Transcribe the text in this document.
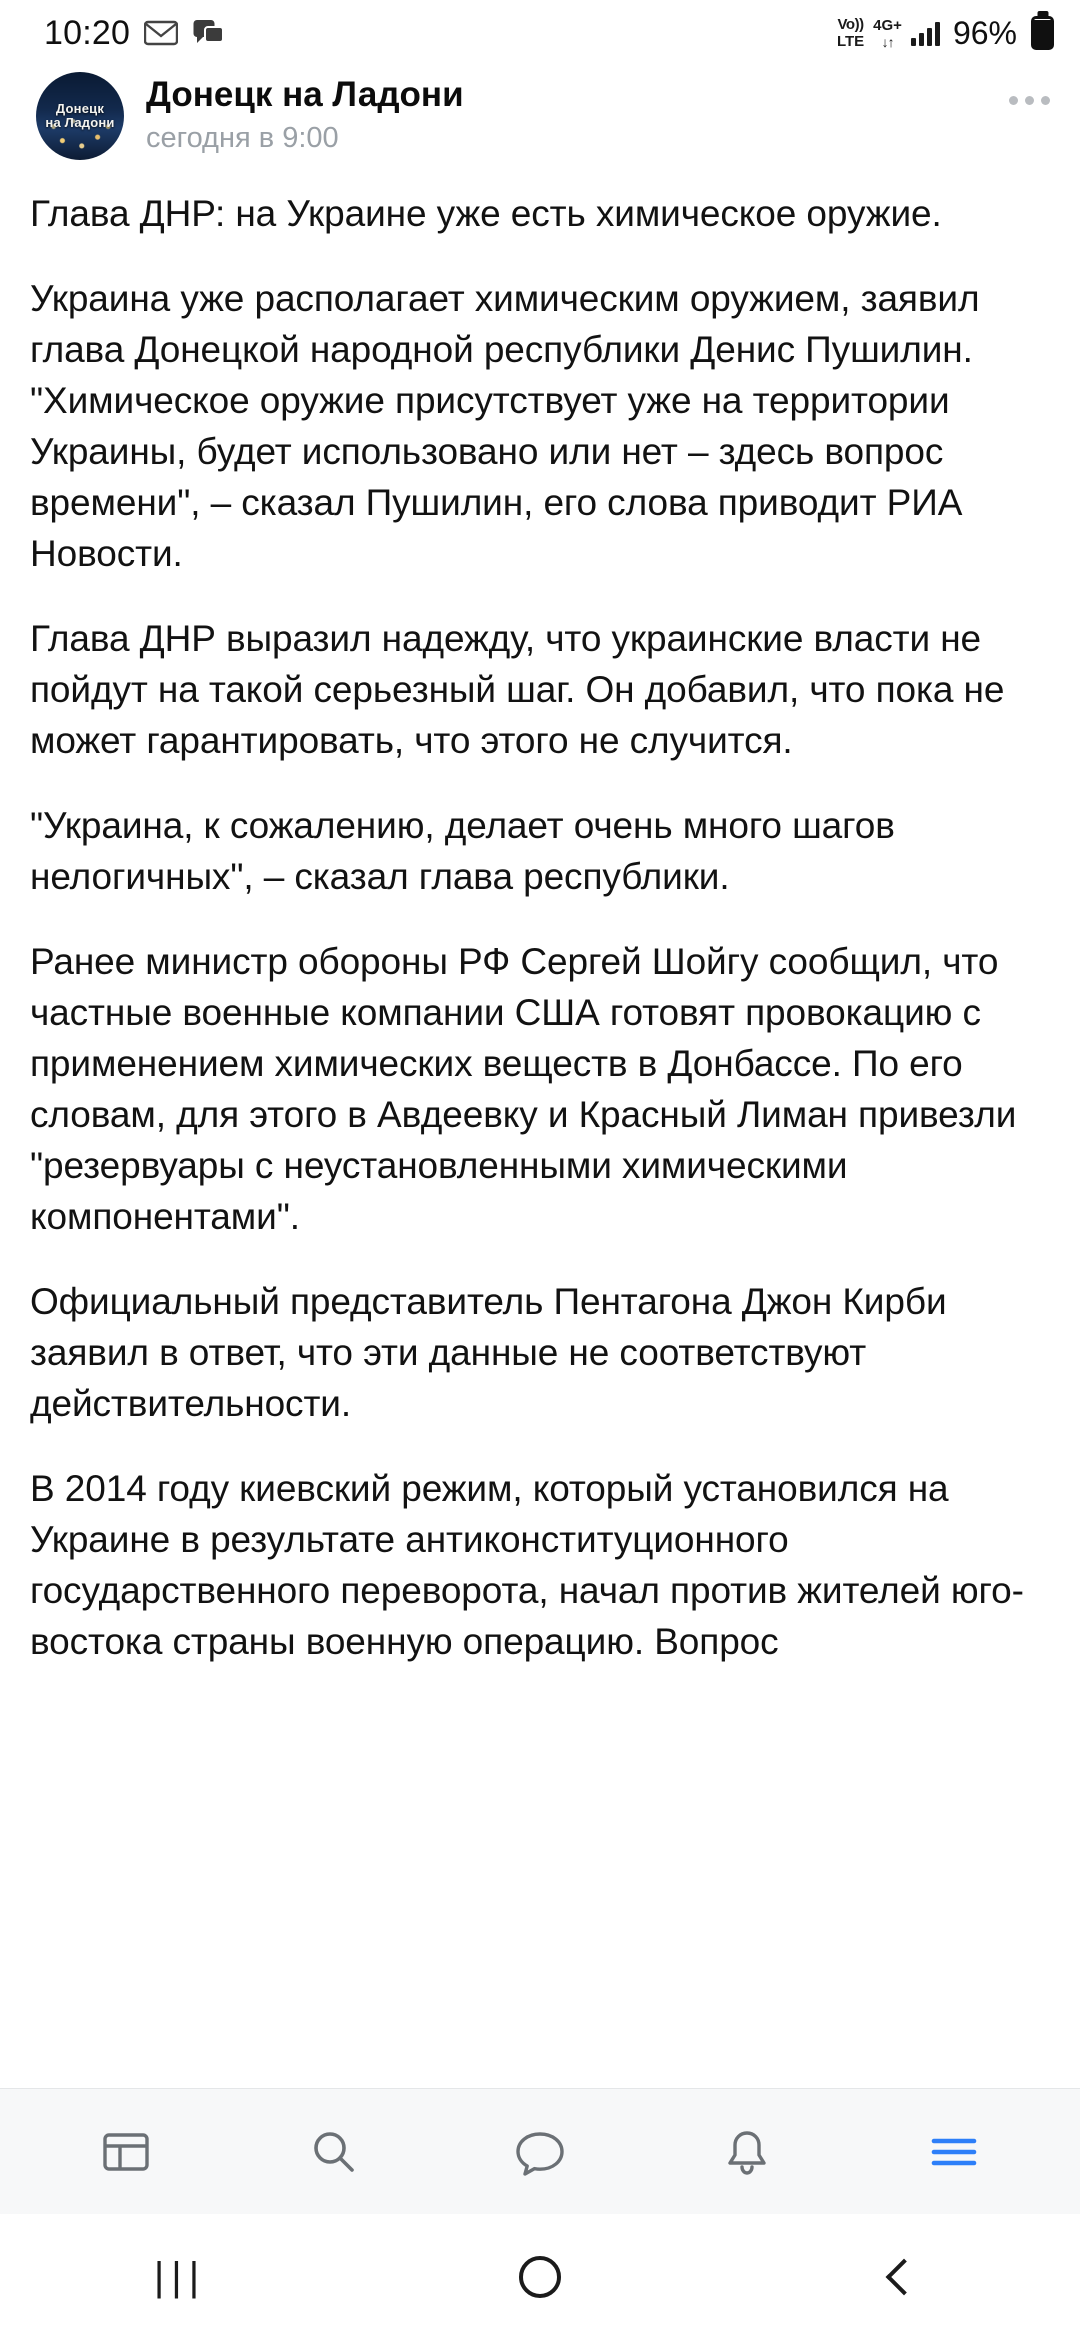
10:20	Vo))
LTE
4G+
↓↑ 96%
Донецк
на Ладони
Донецк на Ладони
сегодня в 9:00

Глава ДНР: на Украине уже есть химическое оружие.

Украина уже располагает химическим оружием, заявил глава Донецкой народной республики Денис Пушилин. "Химическое оружие присутствует уже на территории Украины, будет использовано или нет – здесь вопрос времени", – сказал Пушилин, его слова приводит РИА Новости.

Глава ДНР выразил надежду, что украинские власти не пойдут на такой серьезный шаг. Он добавил, что пока не может гарантировать, что этого не случится.

"Украина, к сожалению, делает очень много шагов нелогичных", – сказал глава республики.

Ранее министр обороны РФ Сергей Шойгу сообщил, что частные военные компании США готовят провокацию с применением химических веществ в Донбассе. По его словам, для этого в Авдеевку и Красный Лиман привезли "резервуары с неустановленными химическими компонентами".

Официальный представитель Пентагона Джон Кирби заявил в ответ, что эти данные не соответствуют действительности.

В 2014 году киевский режим, который установился на Украине в результате антиконституционного государственного переворота, начал против жителей юго-востока страны военную операцию. Вопрос

|||
